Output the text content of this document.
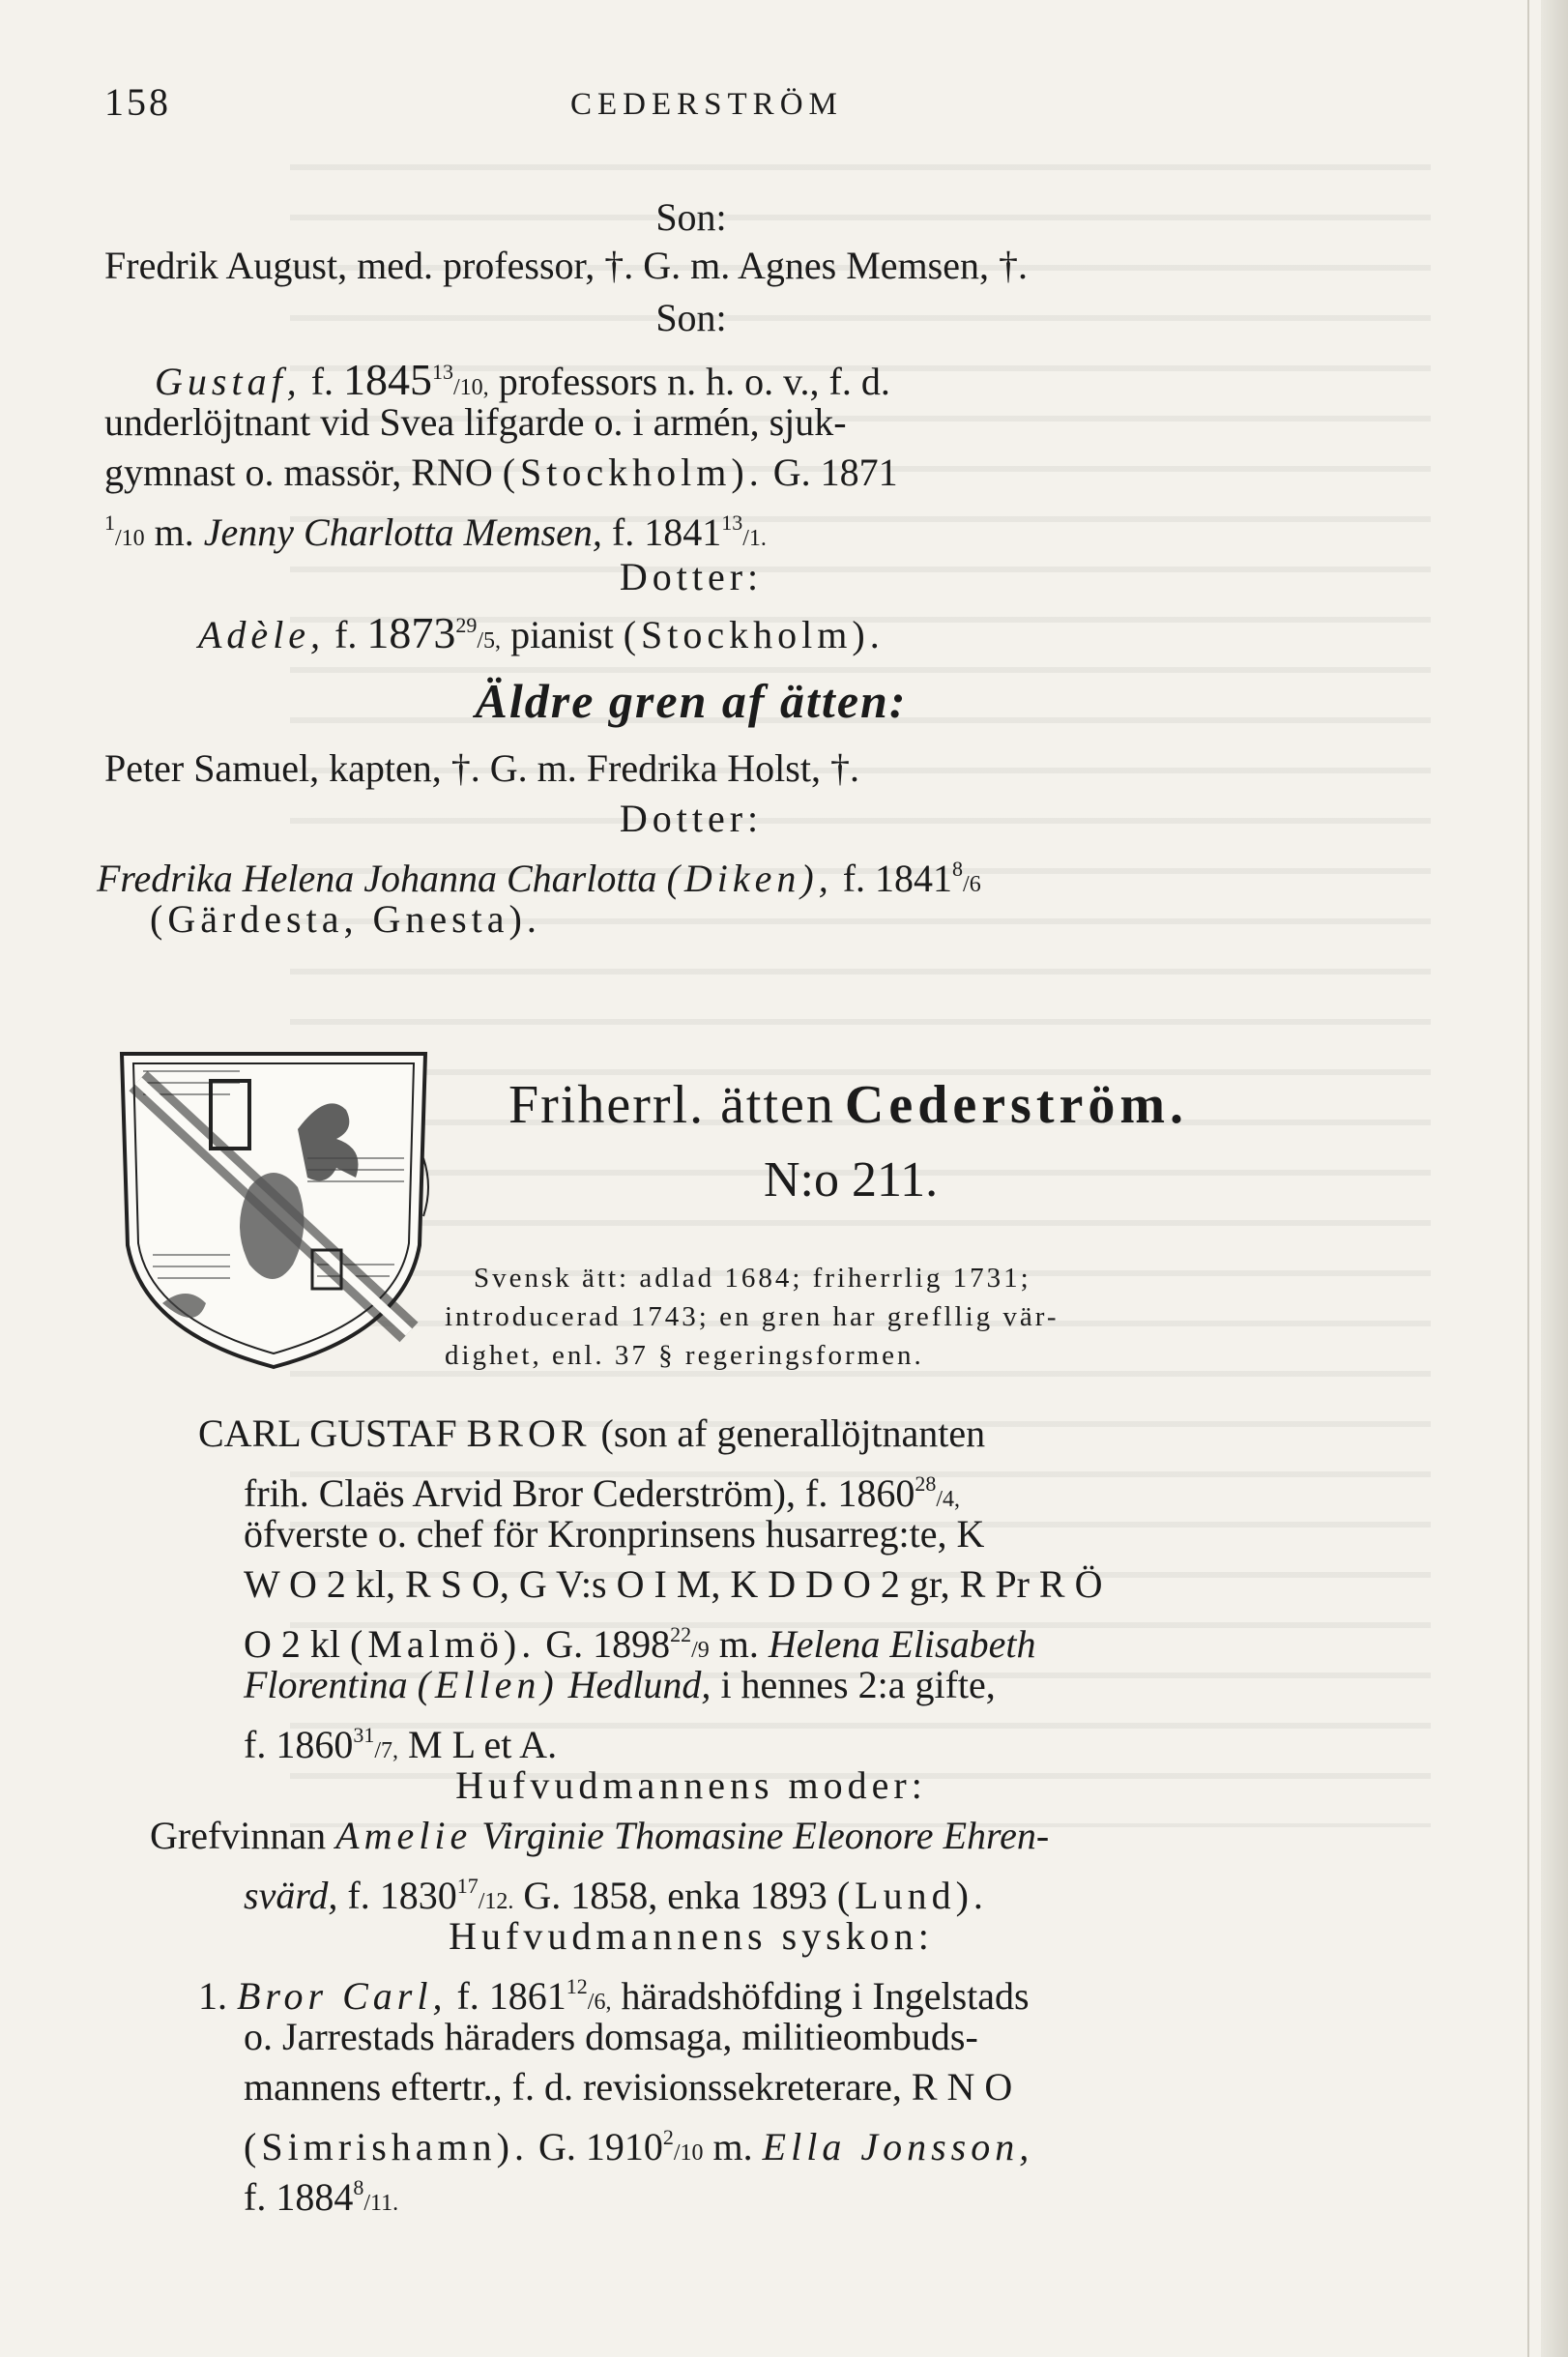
158	CEDERSTRÖM
Son:
Fredrik August, med. professor, †. G. m. Agnes Memsen, †.
Son:
Gustaf, f. 1845$^{13}$/10, professors n. h. o. v., f. d.
underlöjtnant vid Svea lifgarde o. i armén, sjuk-
gymnast o. massör, RNO (Stockholm). G. 1871
$^1$/10 m. Jenny Charlotta Memsen, f. 1841$^{13}$/1.
Dotter:
Adèle, f. 1873$^{29}$/5, pianist (Stockholm).
Äldre gren af ätten:
Peter Samuel, kapten, †. G. m. Fredrika Holst, †.
Dotter:
Fredrika Helena Johanna Charlotta (Diken), f. 1841$^8$/6
(Gärdesta, Gnesta).
Friherrl. ätten Cederström.
N:o 211.
Svensk ätt: adlad 1684; friherrlig 1731;
introducerad 1743; en gren har grefllig vär-
dighet, enl. 37 § regeringsformen.
CARL GUSTAF BROR (son af generallöjtnanten
frih. Claës Arvid Bror Cederström), f. 1860$^{28}$/4,
öfverste o. chef för Kronprinsens husarreg:te, K
W O 2 kl, R S O, G V:s O I M, K D D O 2 gr, R Pr R Ö
O 2 kl (Malmö). G. 1898$^{22}$/9 m. Helena Elisabeth
Florentina (Ellen) Hedlund, i hennes 2:a gifte,
f. 1860$^{31}$/7, M L et A.
Hufvudmannens moder:
Grefvinnan Amelie Virginie Thomasine Eleonore Ehren-
svärd, f. 1830$^{17}$/12. G. 1858, enka 1893 (Lund).
Hufvudmannens syskon:
1. Bror Carl, f. 1861$^{12}$/6, häradshöfding i Ingelstads
o. Jarrestads häraders domsaga, militieombuds-
mannens eftertr., f. d. revisionssekreterare, R N O
(Simrishamn). G. 1910$^2$/10 m. Ella Jonsson,
f. 1884$^8$/11.
